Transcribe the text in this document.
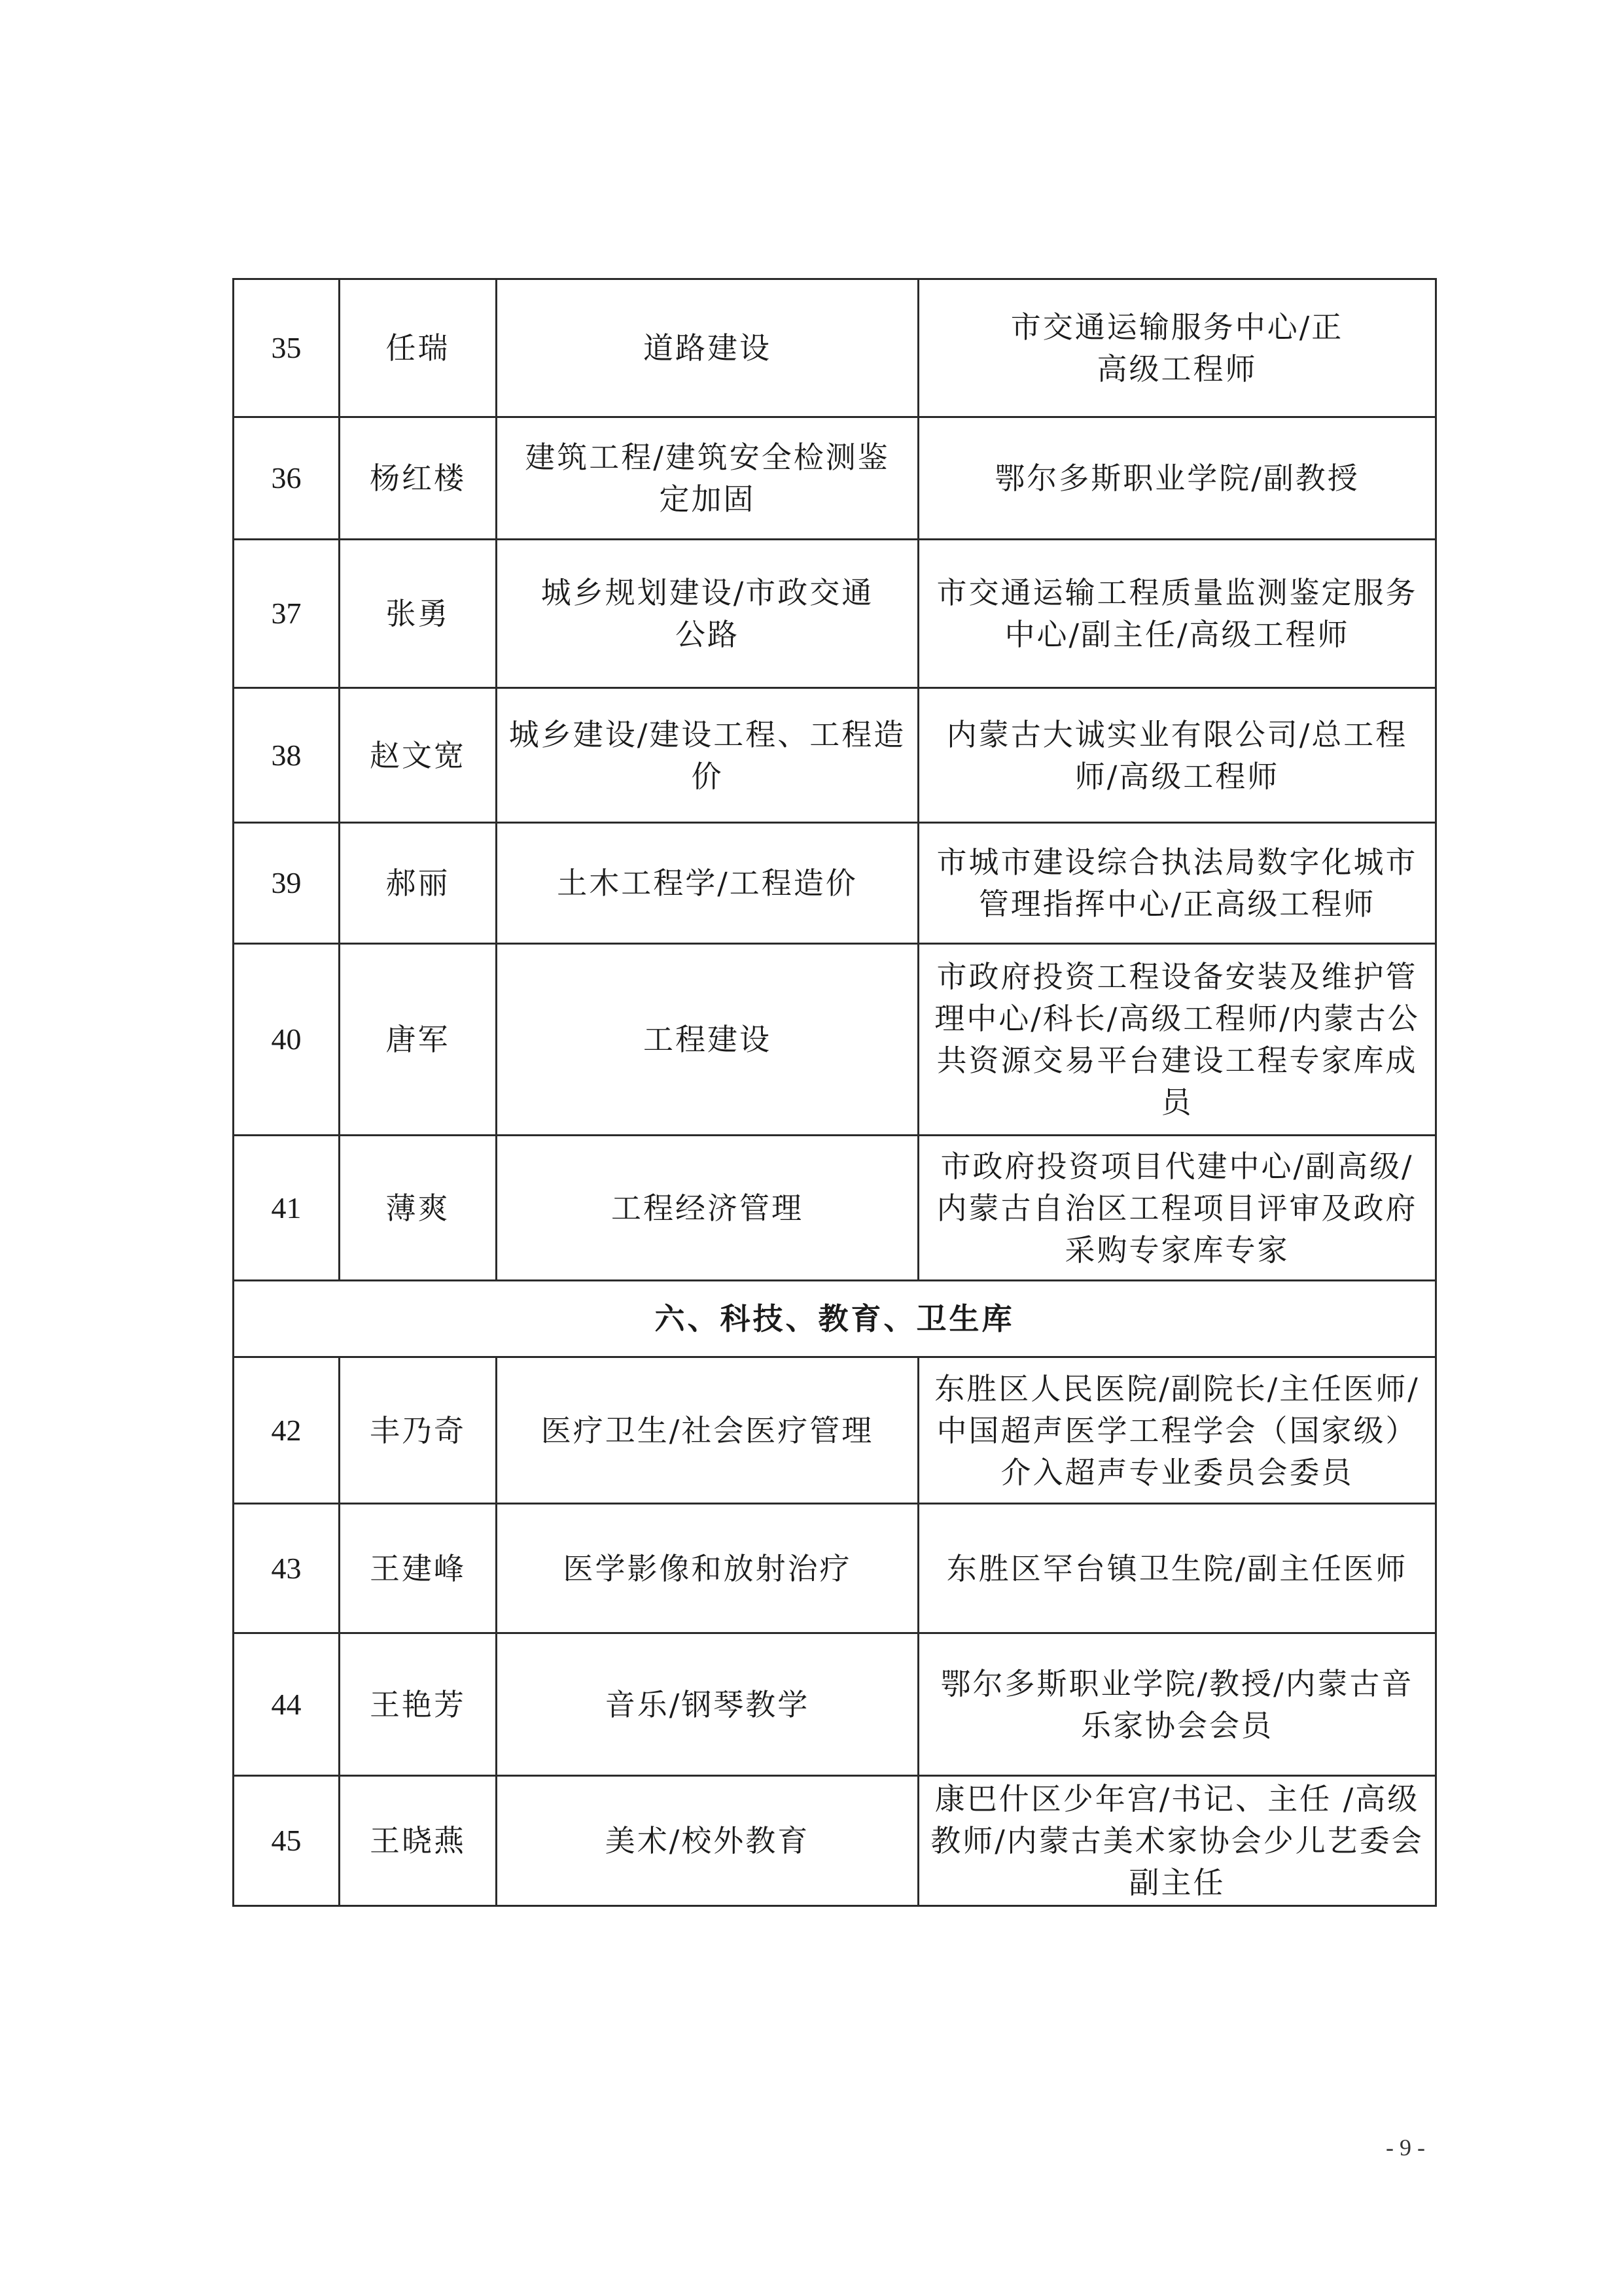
35	任瑞	道路建设	市交通运输服务中心/正高级工程师
36	杨红楼	建筑工程/建筑安全检测鉴定加固	鄂尔多斯职业学院/副教授
37	张勇	城乡规划建设/市政交通公路	市交通运输工程质量监测鉴定服务中心/副主任/高级工程师
38	赵文宽	城乡建设/建设工程、工程造价	内蒙古大诚实业有限公司/总工程师/高级工程师
39	郝丽	土木工程学/工程造价	市城市建设综合执法局数字化城市管理指挥中心/正高级工程师
40	唐军	工程建设	市政府投资工程设备安装及维护管理中心/科长/高级工程师/内蒙古公共资源交易平台建设工程专家库成员
41	薄爽	工程经济管理	市政府投资项目代建中心/副高级/内蒙古自治区工程项目评审及政府采购专家库专家
六、科技、教育、卫生库			
42	丰乃奇	医疗卫生/社会医疗管理	东胜区人民医院/副院长/主任医师/中国超声医学工程学会（国家级）介入超声专业委员会委员
43	王建峰	医学影像和放射治疗	东胜区罕台镇卫生院/副主任医师
44	王艳芳	音乐/钢琴教学	鄂尔多斯职业学院/教授/内蒙古音乐家协会会员
45	王晓燕	美术/校外教育	康巴什区少年宫/书记、主任 /高级教师/内蒙古美术家协会少儿艺委会副主任
- 9 -
